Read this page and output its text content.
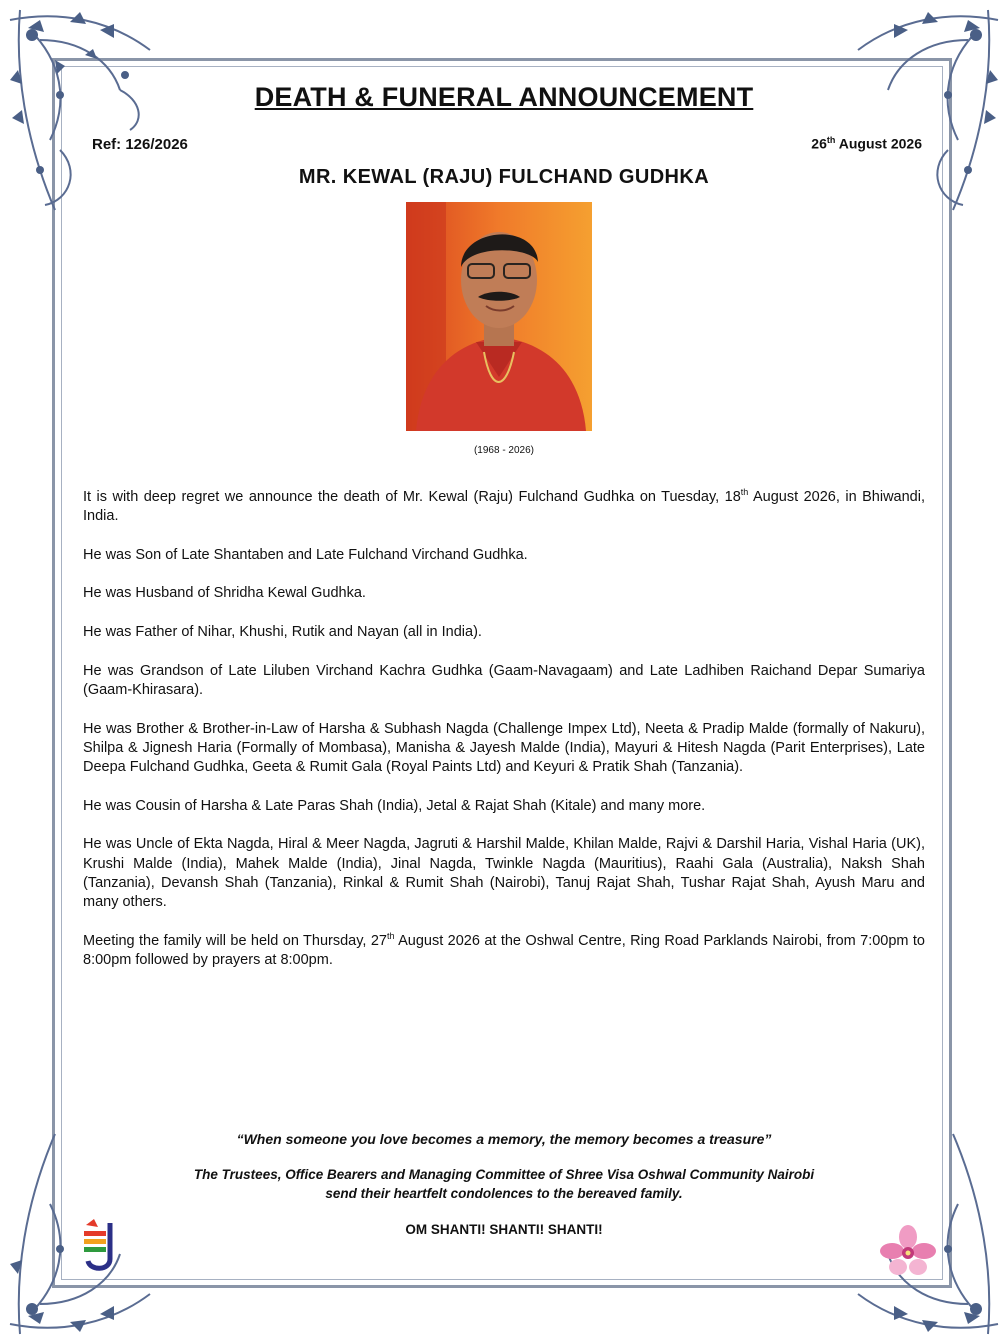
DEATH & FUNERAL ANNOUNCEMENT
Ref: 126/2026	26th August 2026
MR. KEWAL (RAJU) FULCHAND GUDHKA
(1968 - 2026)

It is with deep regret we announce the death of Mr. Kewal (Raju) Fulchand Gudhka on Tuesday, 18th August 2026, in Bhiwandi, India.

He was Son of Late Shantaben and Late Fulchand Virchand Gudhka.

He was Husband of Shridha Kewal Gudhka.

He was Father of Nihar, Khushi, Rutik and Nayan (all in India).

He was Grandson of Late Liluben Virchand Kachra Gudhka (Gaam-Navagaam) and Late Ladhiben Raichand Depar Sumariya (Gaam-Khirasara).

He was Brother & Brother-in-Law of Harsha & Subhash Nagda (Challenge Impex Ltd), Neeta & Pradip Malde (formally of Nakuru), Shilpa & Jignesh Haria (Formally of Mombasa), Manisha & Jayesh Malde (India), Mayuri & Hitesh Nagda (Parit Enterprises), Late Deepa Fulchand Gudhka, Geeta & Rumit Gala (Royal Paints Ltd) and Keyuri & Pratik Shah (Tanzania).

He was Cousin of Harsha & Late Paras Shah (India), Jetal & Rajat Shah (Kitale) and many more.

He was Uncle of Ekta Nagda, Hiral & Meer Nagda, Jagruti & Harshil Malde, Khilan Malde, Rajvi & Darshil Haria, Vishal Haria (UK), Krushi Malde (India), Mahek Malde (India), Jinal Nagda, Twinkle Nagda (Mauritius), Raahi Gala (Australia), Naksh Shah (Tanzania), Devansh Shah (Tanzania), Rinkal & Rumit Shah (Nairobi), Tanuj Rajat Shah, Tushar Rajat Shah, Ayush Maru and many others.

Meeting the family will be held on Thursday, 27th August 2026 at the Oshwal Centre, Ring Road Parklands Nairobi, from 7:00pm to 8:00pm followed by prayers at 8:00pm.

“When someone you love becomes a memory, the memory becomes a treasure”
The Trustees, Office Bearers and Managing Committee of Shree Visa Oshwal Community Nairobi
send their heartfelt condolences to the bereaved family.
OM SHANTI! SHANTI! SHANTI!
